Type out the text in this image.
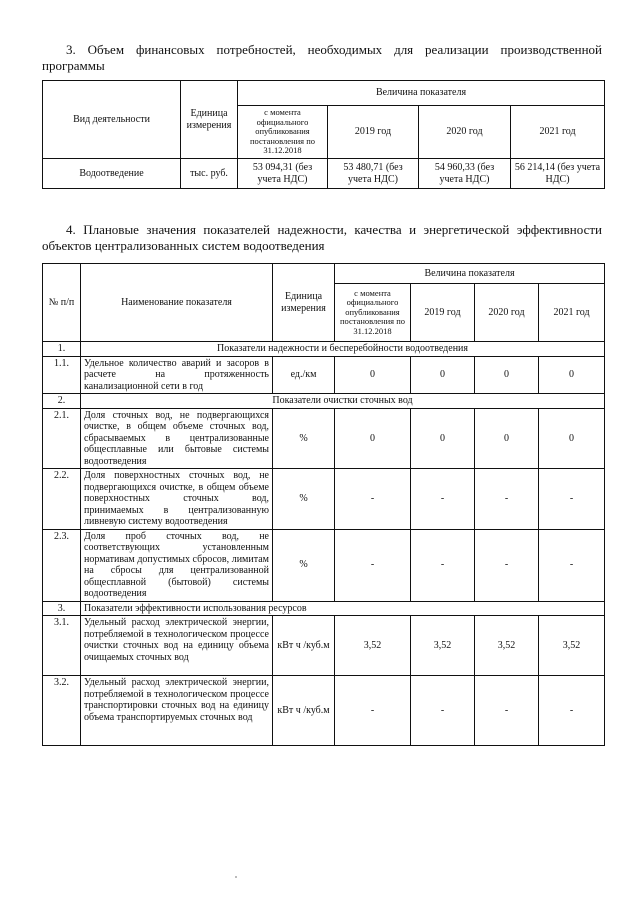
3. Объем финансовых потребностей, необходимых для реализации производственной программы
Вид деятельности	Единица измерения	Величина показателя			
		с момента официального опубликования постановления по 31.12.2018	2019 год	2020 год	2021 год
Водоотведение	тыс. руб.	53 094,31 (без учета НДС)	53 480,71 (без учета НДС)	54 960,33 (без учета НДС)	56 214,14 (без учета НДС)
4. Плановые значения показателей надежности, качества и энергетической эффективности объектов централизованных систем водоотведения
№ п/п	Наименование показателя	Единица измерения	Величина показателя			
			с момента официального опубликования постановления по 31.12.2018	2019 год	2020 год	2021 год
1.	Показатели надежности и бесперебойности водоотведения					
1.1.	Удельное количество аварий и засоров в расчете на протяженность канализационной сети в год	ед./км	0	0	0	0
2.	Показатели очистки сточных вод					
2.1.	Доля сточных вод, не подвергающихся очистке, в общем объеме сточных вод, сбрасываемых в централизованные общесплавные или бытовые системы водоотведения	%	0	0	0	0
2.2.	Доля поверхностных сточных вод, не подвергающихся очистке, в общем объеме поверхностных сточных вод, принимаемых в централизованную ливневую систему водоотведения	%	-	-	-	-
2.3.	Доля проб сточных вод, не соответствующих установленным нормативам допустимых сбросов, лимитам на сбросы для централизованной общесплавной (бытовой) системы водоотведения	%	-	-	-	-
3.	Показатели эффективности использования ресурсов					
3.1.	Удельный расход электрической энергии, потребляемой в технологическом процессе очистки сточных вод на единицу объема очищаемых сточных вод	кВт ч /куб.м	3,52	3,52	3,52	3,52
3.2.	Удельный расход электрической энергии, потребляемой в технологическом процессе транспортировки сточных вод на единицу объема транспортируемых сточных вод	кВт ч /куб.м	-	-	-	-
